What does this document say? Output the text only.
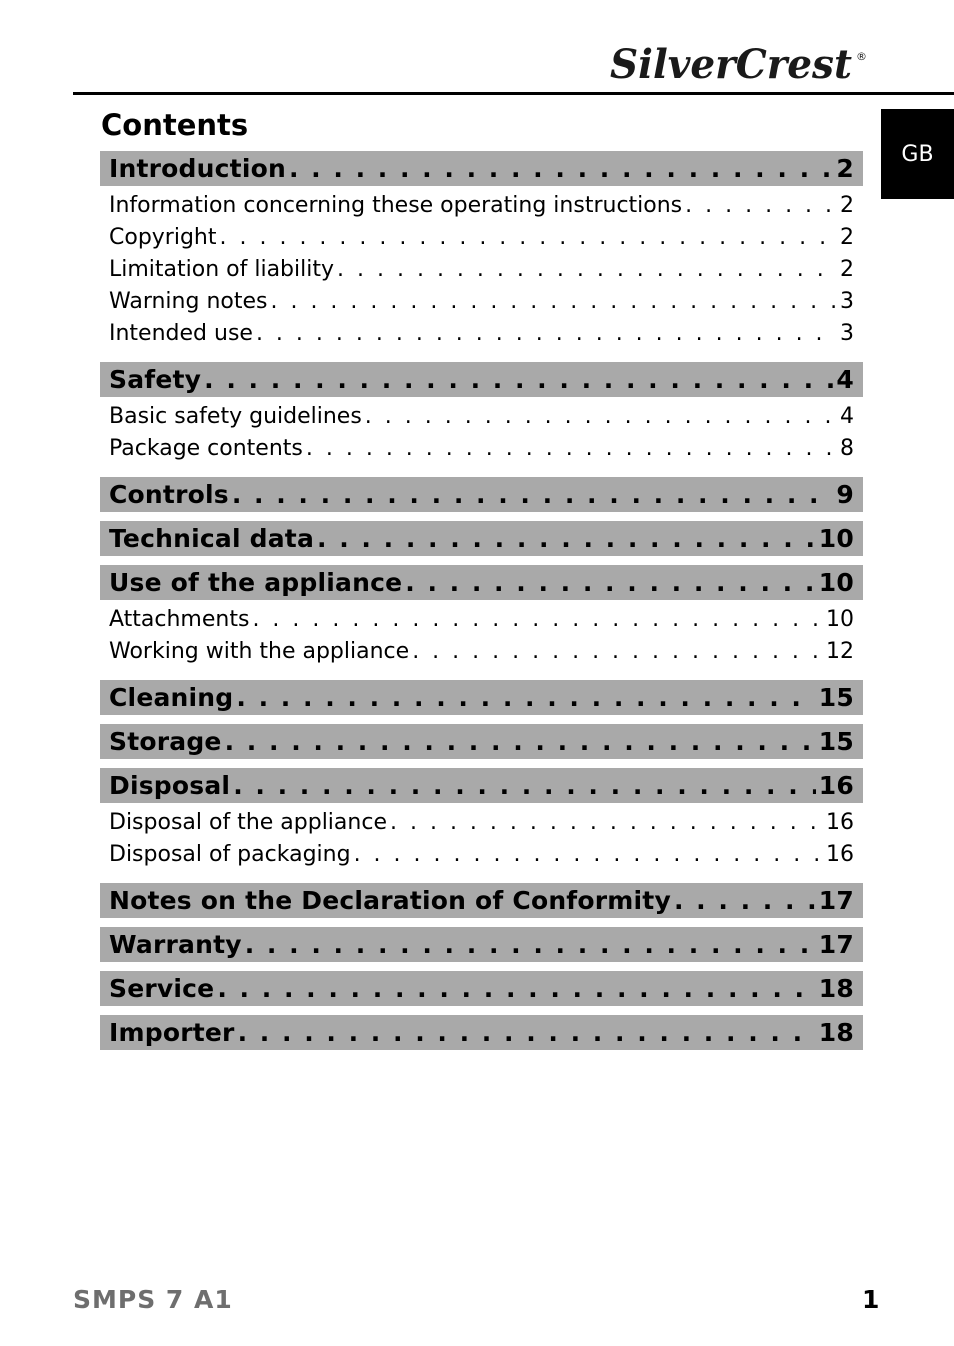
SilverCrest ®
GB
Contents
Introduction . . .	2
Information concerning these operating instructions . . .	2
Copyright . . .	2
Limitation of liability . . .	2
Warning notes . . .	3
Intended use . . .	3
Safety . . .	4
Basic safety guidelines . . .	4
Package contents . . .	8
Controls . . .	9
Technical data . . .	10
Use of the appliance . . .	10
Attachments . . .	10
Working with the appliance . . .	12
Cleaning . . .	15
Storage . . .	15
Disposal . . .	16
Disposal of the appliance . . .	16
Disposal of packaging . . .	16
Notes on the Declaration of Conformity . . .	17
Warranty . . .	17
Service . . .	18
Importer . . .	18
SMPS 7 A1	1
